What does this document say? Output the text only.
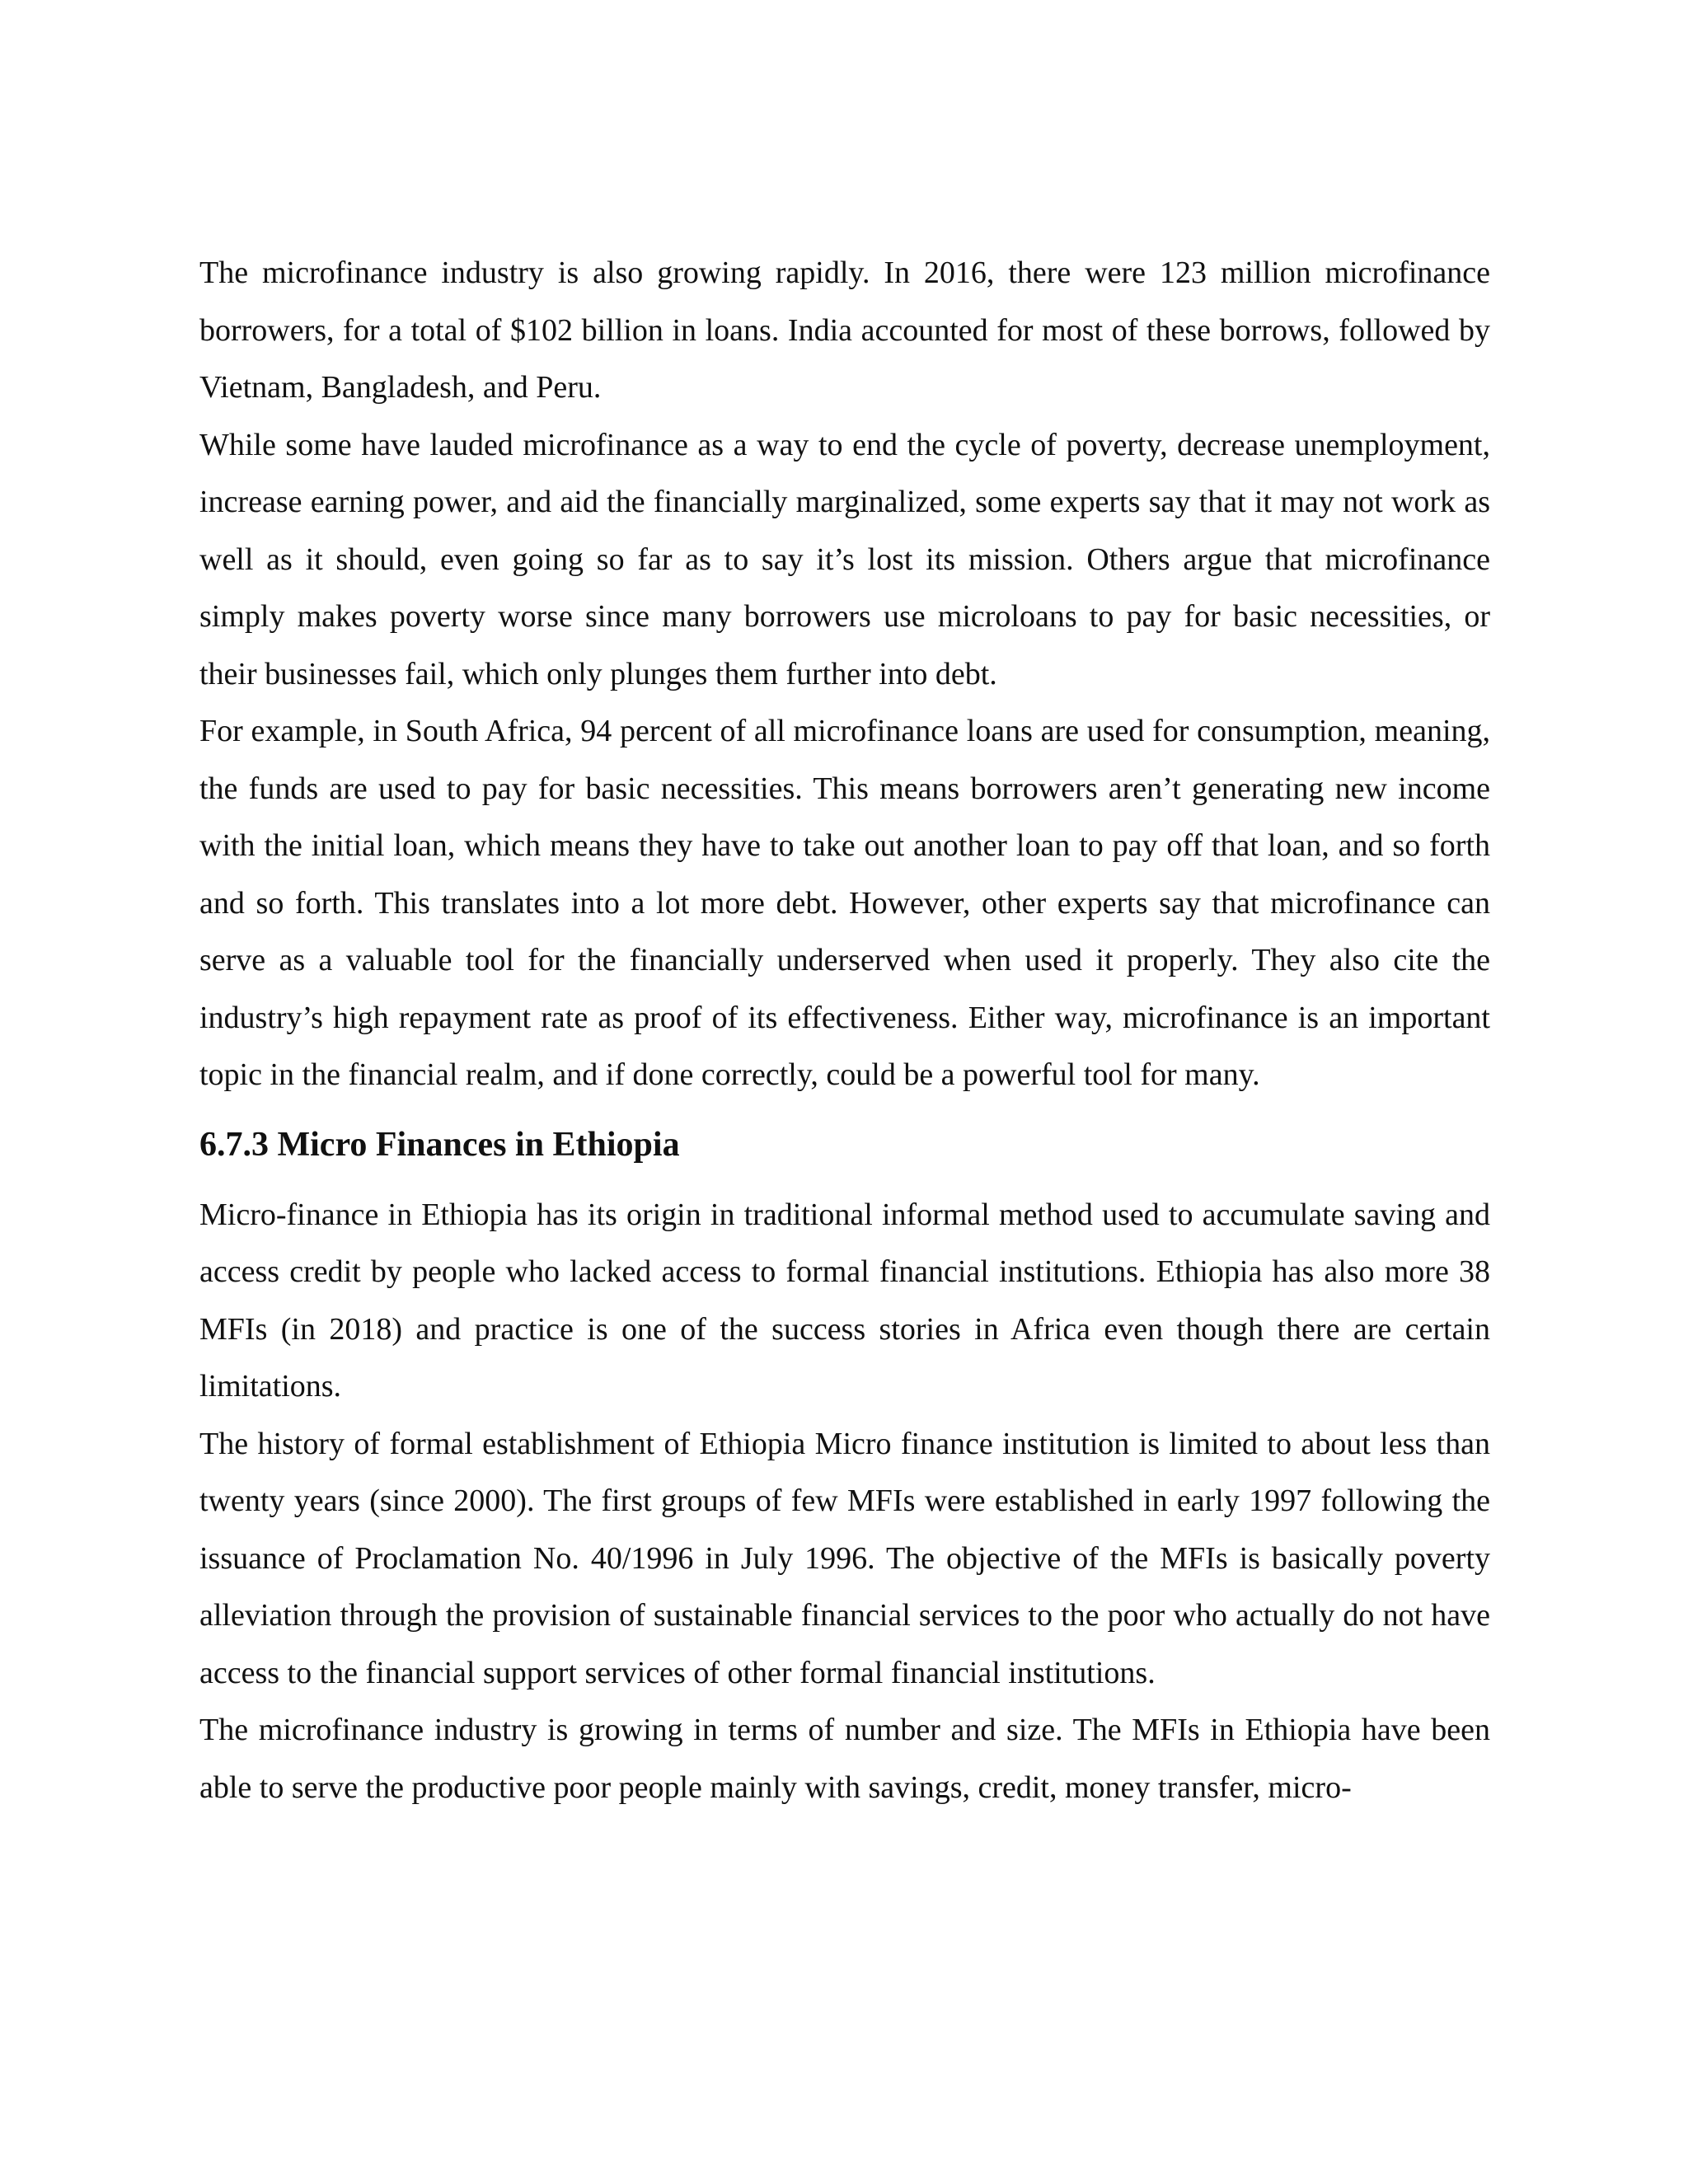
The microfinance industry is also growing rapidly. In 2016, there were 123 million microfinance borrowers, for a total of $102 billion in loans. India accounted for most of these borrows, followed by Vietnam, Bangladesh, and Peru.

While some have lauded microfinance as a way to end the cycle of poverty, decrease unemployment, increase earning power, and aid the financially marginalized, some experts say that it may not work as well as it should, even going so far as to say it’s lost its mission. Others argue that microfinance simply makes poverty worse since many borrowers use microloans to pay for basic necessities, or their businesses fail, which only plunges them further into debt.

For example, in South Africa, 94 percent of all microfinance loans are used for consumption, meaning, the funds are used to pay for basic necessities. This means borrowers aren’t generating new income with the initial loan, which means they have to take out another loan to pay off that loan, and so forth and so forth. This translates into a lot more debt. However, other experts say that microfinance can serve as a valuable tool for the financially underserved when used it properly. They also cite the industry’s high repayment rate as proof of its effectiveness. Either way, microfinance is an important topic in the financial realm, and if done correctly, could be a powerful tool for many.

6.7.3 Micro Finances in Ethiopia

Micro-finance in Ethiopia has its origin in traditional informal method used to accumulate saving and access credit by people who lacked access to formal financial institutions. Ethiopia has also more 38 MFIs (in 2018) and practice is one of the success stories in Africa even though there are certain limitations.

The history of formal establishment of Ethiopia Micro finance institution is limited to about less than twenty years (since 2000). The first groups of few MFIs were established in early 1997 following the issuance of Proclamation No. 40/1996 in July 1996. The objective of the MFIs is basically poverty alleviation through the provision of sustainable financial services to the poor who actually do not have access to the financial support services of other formal financial institutions.

The microfinance industry is growing in terms of number and size. The MFIs in Ethiopia have been able to serve the productive poor people mainly with savings, credit, money transfer, micro-
